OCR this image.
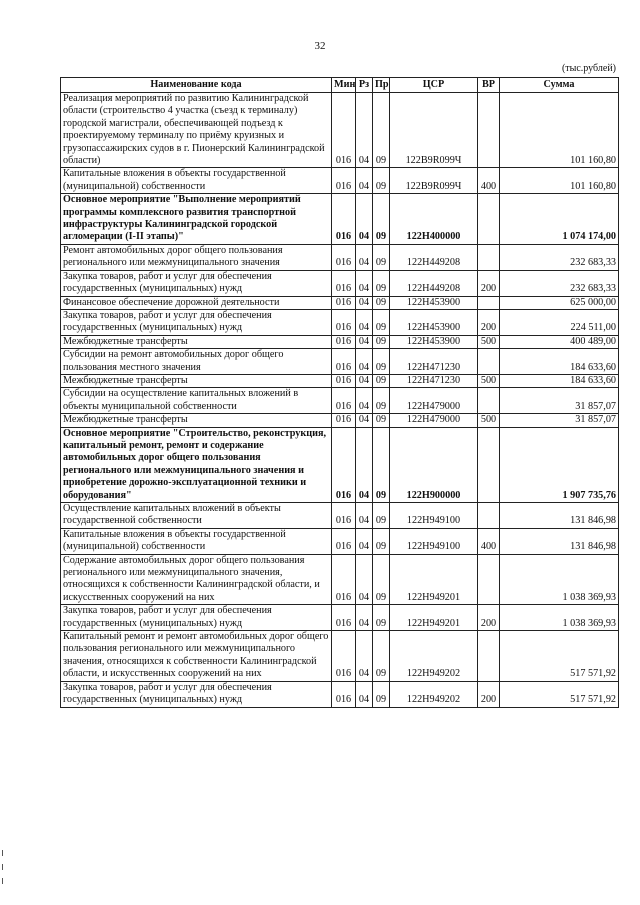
32
(тыс.рублей)
Наименование кода	Мин	Рз	Пр	ЦСР	ВР	Сумма
Реализация мероприятий по развитию Калининградской области (строительство 4 участка (съезд к терминалу) городской магистрали, обеспечивающей подъезд к проектируемому терминалу по приёму круизных и грузопассажирских судов в г. Пионерский Калининградской области)	016	04	09	122В9R099Ч		101 160,80
Капитальные вложения в объекты государственной (муниципальной) собственности	016	04	09	122В9R099Ч	400	101 160,80
Основное мероприятие "Выполнение мероприятий программы комплексного развития транспортной инфраструктуры Калининградской городской агломерации (I-II этапы)"	016	04	09	122Н400000		1 074 174,00
Ремонт автомобильных дорог общего пользования регионального или межмуниципального значения	016	04	09	122Н449208		232 683,33
Закупка товаров, работ и услуг для обеспечения государственных (муниципальных) нужд	016	04	09	122Н449208	200	232 683,33
Финансовое обеспечение дорожной деятельности	016	04	09	122Н453900		625 000,00
Закупка товаров, работ и услуг для обеспечения государственных (муниципальных) нужд	016	04	09	122Н453900	200	224 511,00
Межбюджетные трансферты	016	04	09	122Н453900	500	400 489,00
Субсидии на ремонт автомобильных дорог общего пользования местного значения	016	04	09	122Н471230		184 633,60
Межбюджетные трансферты	016	04	09	122Н471230	500	184 633,60
Субсидии на осуществление капитальных вложений в объекты муниципальной собственности	016	04	09	122Н479000		31 857,07
Межбюджетные трансферты	016	04	09	122Н479000	500	31 857,07
Основное мероприятие "Строительство, реконструкция, капитальный ремонт, ремонт и содержание автомобильных дорог общего пользования регионального или межмуниципального значения и приобретение дорожно-эксплуатационной техники и оборудования"	016	04	09	122Н900000		1 907 735,76
Осуществление капитальных вложений в объекты государственной собственности	016	04	09	122Н949100		131 846,98
Капитальные вложения в объекты государственной (муниципальной) собственности	016	04	09	122Н949100	400	131 846,98
Содержание автомобильных дорог общего пользования регионального или межмуниципального значения, относящихся к собственности Калининградской области, и искусственных сооружений на них	016	04	09	122Н949201		1 038 369,93
Закупка товаров, работ и услуг для обеспечения государственных (муниципальных) нужд	016	04	09	122Н949201	200	1 038 369,93
Капитальный ремонт и ремонт автомобильных дорог общего пользования регионального или межмуниципального значения, относящихся к собственности Калининградской области, и искусственных сооружений на них	016	04	09	122Н949202		517 571,92
Закупка товаров, работ и услуг для обеспечения государственных (муниципальных) нужд	016	04	09	122Н949202	200	517 571,92
